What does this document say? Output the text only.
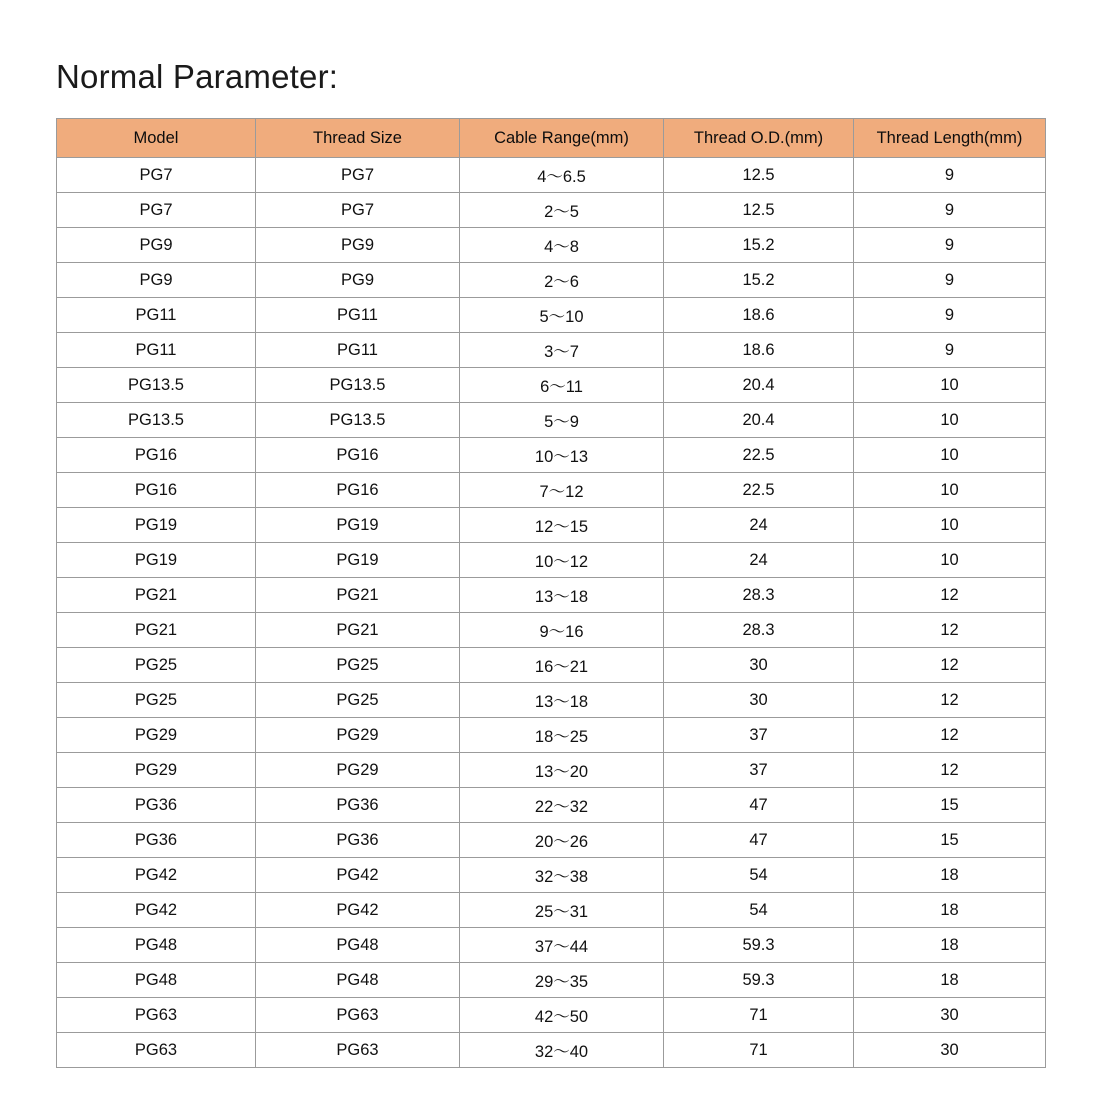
Normal Parameter:
Model	Thread Size	Cable Range(mm)	Thread O.D.(mm)	Thread Length(mm)
PG7	PG7	4～6.5	12.5	9
PG7	PG7	2～5	12.5	9
PG9	PG9	4～8	15.2	9
PG9	PG9	2～6	15.2	9
PG11	PG11	5～10	18.6	9
PG11	PG11	3～7	18.6	9
PG13.5	PG13.5	6～11	20.4	10
PG13.5	PG13.5	5～9	20.4	10
PG16	PG16	10～13	22.5	10
PG16	PG16	7～12	22.5	10
PG19	PG19	12～15	24	10
PG19	PG19	10～12	24	10
PG21	PG21	13～18	28.3	12
PG21	PG21	9～16	28.3	12
PG25	PG25	16～21	30	12
PG25	PG25	13～18	30	12
PG29	PG29	18～25	37	12
PG29	PG29	13～20	37	12
PG36	PG36	22～32	47	15
PG36	PG36	20～26	47	15
PG42	PG42	32～38	54	18
PG42	PG42	25～31	54	18
PG48	PG48	37～44	59.3	18
PG48	PG48	29～35	59.3	18
PG63	PG63	42～50	71	30
PG63	PG63	32～40	71	30
